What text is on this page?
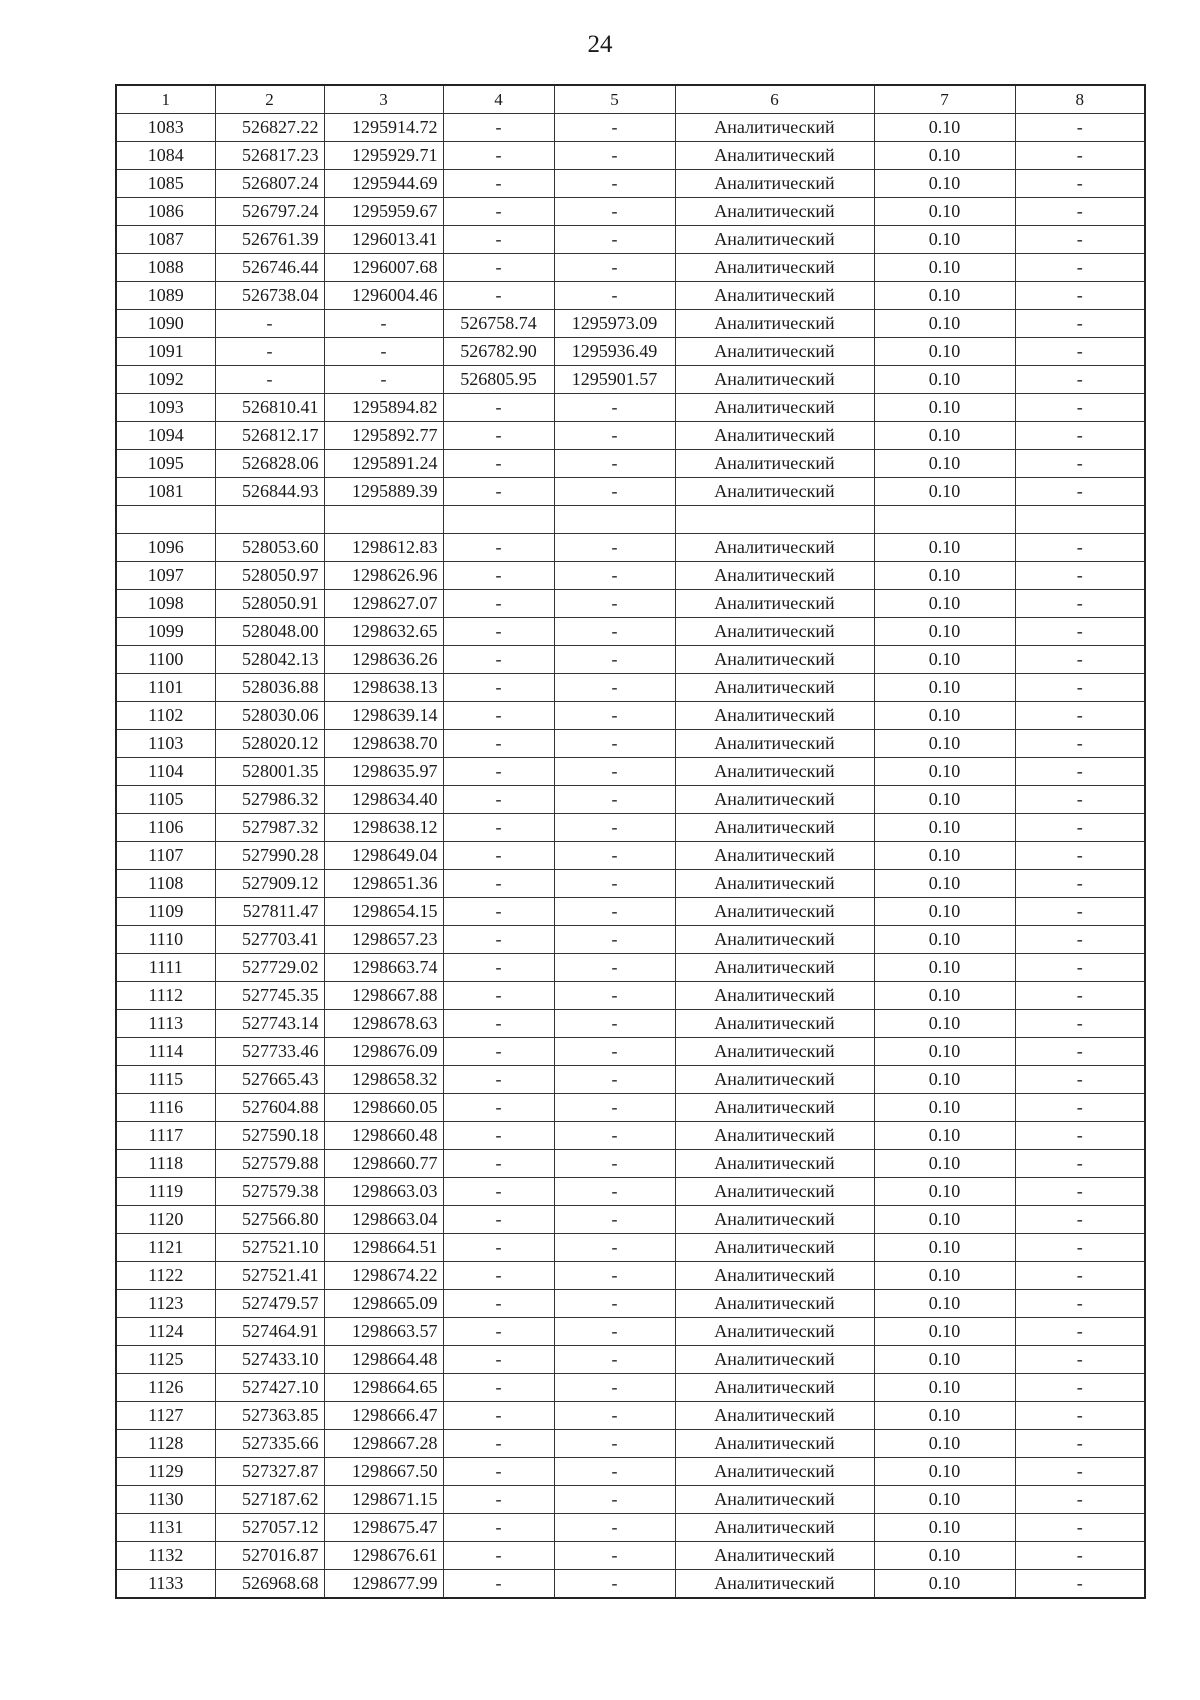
24
1	2	3	4	5	6	7	8
1083	526827.22	1295914.72	-	-	Аналитический	0.10	-
1084	526817.23	1295929.71	-	-	Аналитический	0.10	-
1085	526807.24	1295944.69	-	-	Аналитический	0.10	-
1086	526797.24	1295959.67	-	-	Аналитический	0.10	-
1087	526761.39	1296013.41	-	-	Аналитический	0.10	-
1088	526746.44	1296007.68	-	-	Аналитический	0.10	-
1089	526738.04	1296004.46	-	-	Аналитический	0.10	-
1090	-	-	526758.74	1295973.09	Аналитический	0.10	-
1091	-	-	526782.90	1295936.49	Аналитический	0.10	-
1092	-	-	526805.95	1295901.57	Аналитический	0.10	-
1093	526810.41	1295894.82	-	-	Аналитический	0.10	-
1094	526812.17	1295892.77	-	-	Аналитический	0.10	-
1095	526828.06	1295891.24	-	-	Аналитический	0.10	-
1081	526844.93	1295889.39	-	-	Аналитический	0.10	-

1096	528053.60	1298612.83	-	-	Аналитический	0.10	-
1097	528050.97	1298626.96	-	-	Аналитический	0.10	-
1098	528050.91	1298627.07	-	-	Аналитический	0.10	-
1099	528048.00	1298632.65	-	-	Аналитический	0.10	-
1100	528042.13	1298636.26	-	-	Аналитический	0.10	-
1101	528036.88	1298638.13	-	-	Аналитический	0.10	-
1102	528030.06	1298639.14	-	-	Аналитический	0.10	-
1103	528020.12	1298638.70	-	-	Аналитический	0.10	-
1104	528001.35	1298635.97	-	-	Аналитический	0.10	-
1105	527986.32	1298634.40	-	-	Аналитический	0.10	-
1106	527987.32	1298638.12	-	-	Аналитический	0.10	-
1107	527990.28	1298649.04	-	-	Аналитический	0.10	-
1108	527909.12	1298651.36	-	-	Аналитический	0.10	-
1109	527811.47	1298654.15	-	-	Аналитический	0.10	-
1110	527703.41	1298657.23	-	-	Аналитический	0.10	-
1111	527729.02	1298663.74	-	-	Аналитический	0.10	-
1112	527745.35	1298667.88	-	-	Аналитический	0.10	-
1113	527743.14	1298678.63	-	-	Аналитический	0.10	-
1114	527733.46	1298676.09	-	-	Аналитический	0.10	-
1115	527665.43	1298658.32	-	-	Аналитический	0.10	-
1116	527604.88	1298660.05	-	-	Аналитический	0.10	-
1117	527590.18	1298660.48	-	-	Аналитический	0.10	-
1118	527579.88	1298660.77	-	-	Аналитический	0.10	-
1119	527579.38	1298663.03	-	-	Аналитический	0.10	-
1120	527566.80	1298663.04	-	-	Аналитический	0.10	-
1121	527521.10	1298664.51	-	-	Аналитический	0.10	-
1122	527521.41	1298674.22	-	-	Аналитический	0.10	-
1123	527479.57	1298665.09	-	-	Аналитический	0.10	-
1124	527464.91	1298663.57	-	-	Аналитический	0.10	-
1125	527433.10	1298664.48	-	-	Аналитический	0.10	-
1126	527427.10	1298664.65	-	-	Аналитический	0.10	-
1127	527363.85	1298666.47	-	-	Аналитический	0.10	-
1128	527335.66	1298667.28	-	-	Аналитический	0.10	-
1129	527327.87	1298667.50	-	-	Аналитический	0.10	-
1130	527187.62	1298671.15	-	-	Аналитический	0.10	-
1131	527057.12	1298675.47	-	-	Аналитический	0.10	-
1132	527016.87	1298676.61	-	-	Аналитический	0.10	-
1133	526968.68	1298677.99	-	-	Аналитический	0.10	-
